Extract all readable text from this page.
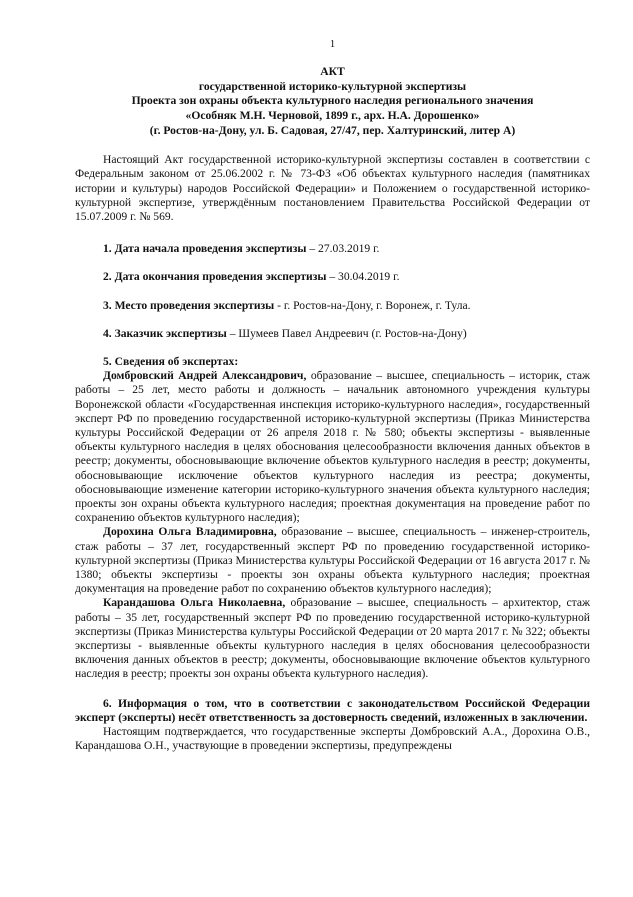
1
АКТ
государственной историко-культурной экспертизы
Проекта зон охраны объекта культурного наследия регионального значения
«Особняк М.Н. Черновой, 1899 г., арх. Н.А. Дорошенко»
(г. Ростов-на-Дону, ул. Б. Садовая, 27/47, пер. Халтуринский, литер А)

Настоящий Акт государственной историко-культурной экспертизы составлен в соответствии с Федеральным законом от 25.06.2002 г. № 73-ФЗ «Об объектах культурного наследия (памятниках истории и культуры) народов Российской Федерации» и Положением о государственной историко-культурной экспертизе, утверждённым постановлением Правительства Российской Федерации от 15.07.2009 г. № 569.

1. Дата начала проведения экспертизы – 27.03.2019 г.

2. Дата окончания проведения экспертизы – 30.04.2019 г.

3. Место проведения экспертизы - г. Ростов-на-Дону, г. Воронеж, г. Тула.

4. Заказчик экспертизы – Шумеев Павел Андреевич (г. Ростов-на-Дону)

5. Сведения об экспертах:

Домбровский Андрей Александрович, образование – высшее, специальность – историк, стаж работы – 25 лет, место работы и должность – начальник автономного учреждения культуры Воронежской области «Государственная инспекция историко-культурного наследия», государственный эксперт РФ по проведению государственной историко-культурной экспертизы (Приказ Министерства культуры Российской Федерации от 26 апреля 2018 г. № 580; объекты экспертизы - выявленные объекты культурного наследия в целях обоснования целесообразности включения данных объектов в реестр; документы, обосновывающие включение объектов культурного наследия в реестр; документы, обосновывающие исключение объектов культурного наследия из реестра; документы, обосновывающие изменение категории историко-культурного значения объекта культурного наследия; проекты зон охраны объекта культурного наследия; проектная документация на проведение работ по сохранению объектов культурного наследия);

Дорохина Ольга Владимировна, образование – высшее, специальность – инженер-строитель, стаж работы – 37 лет, государственный эксперт РФ по проведению государственной историко-культурной экспертизы (Приказ Министерства культуры Российской Федерации от 16 августа 2017 г. № 1380; объекты экспертизы - проекты зон охраны объекта культурного наследия; проектная документация на проведение работ по сохранению объектов культурного наследия);

Карандашова Ольга Николаевна, образование – высшее, специальность – архитектор, стаж работы – 35 лет, государственный эксперт РФ по проведению государственной историко-культурной экспертизы (Приказ Министерства культуры Российской Федерации от 20 марта 2017 г. № 322; объекты экспертизы - выявленные объекты культурного наследия в целях обоснования целесообразности включения данных объектов в реестр; документы, обосновывающие включение объектов культурного наследия в реестр; проекты зон охраны объекта культурного наследия).

6. Информация о том, что в соответствии с законодательством Российской Федерации эксперт (эксперты) несёт ответственность за достоверность сведений, изложенных в заключении.

Настоящим подтверждается, что государственные эксперты Домбровский А.А., Дорохина О.В., Карандашова О.Н., участвующие в проведении экспертизы, предупреждены
